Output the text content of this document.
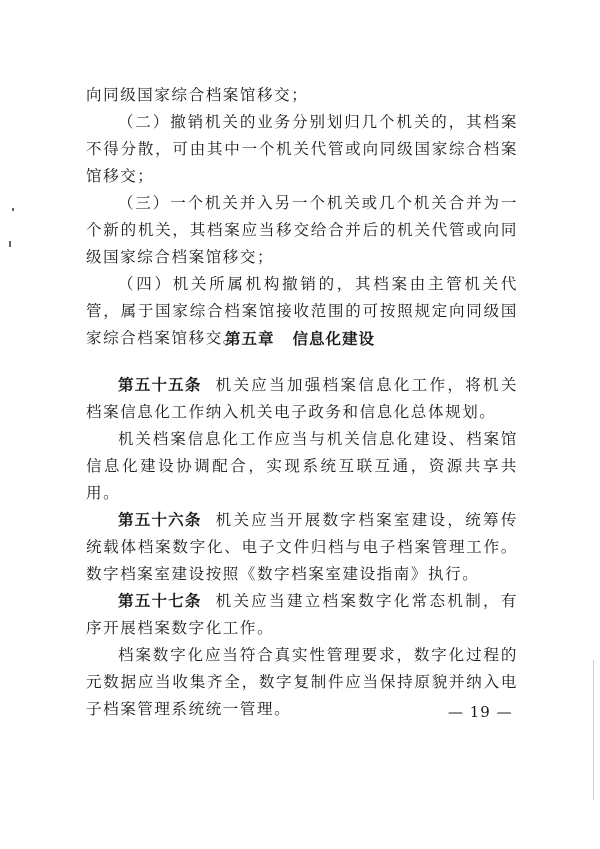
向同级国家综合档案馆移交；

（二）撤销机关的业务分别划归几个机关的，其档案不得分散，可由其中一个机关代管或向同级国家综合档案馆移交；

（三）一个机关并入另一个机关或几个机关合并为一个新的机关，其档案应当移交给合并后的机关代管或向同级国家综合档案馆移交；

（四）机关所属机构撤销的，其档案由主管机关代管，属于国家综合档案馆接收范围的可按照规定向同级国家综合档案馆移交。

第五章 信息化建设

第五十五条 机关应当加强档案信息化工作，将机关档案信息化工作纳入机关电子政务和信息化总体规划。

机关档案信息化工作应当与机关信息化建设、档案馆信息化建设协调配合，实现系统互联互通，资源共享共用。

第五十六条 机关应当开展数字档案室建设，统筹传统载体档案数字化、电子文件归档与电子档案管理工作。数字档案室建设按照《数字档案室建设指南》执行。

第五十七条 机关应当建立档案数字化常态机制，有序开展档案数字化工作。

档案数字化应当符合真实性管理要求，数字化过程的元数据应当收集齐全，数字复制件应当保持原貌并纳入电子档案管理系统统一管理。	— 19 —
